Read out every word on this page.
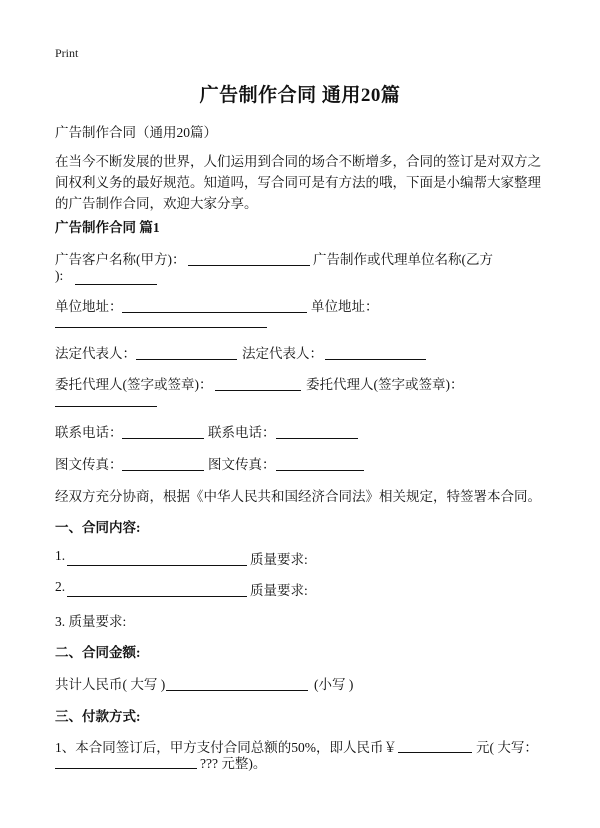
Print
广告制作合同 通用20篇
广告制作合同（通用20篇）
在当今不断发展的世界，人们运用到合同的场合不断增多，合同的签订是对双方之间权利义务的最好规范。知道吗，写合同可是有方法的哦，下面是小编帮大家整理的广告制作合同，欢迎大家分享。
广告制作合同 篇1
广告客户名称(甲方)：	广告制作或代理单位名称(乙方
):
单位地址：	单位地址：
法定代表人：	法定代表人：
委托代理人(签字或签章)：	委托代理人(签字或签章)：
联系电话：	联系电话：
图文传真：	图文传真：
经双方充分协商，根据《中华人民共和国经济合同法》相关规定，特签署本合同。
一、合同内容:
1.	质量要求:
2.	质量要求:
3. 质量要求:
二、合同金额:
共计人民币( 大写 )	(小写 )
三、付款方式:
1、本合同签订后，甲方支付合同总额的50%，即人民币￥	元( 大写：
??? 元整)。
